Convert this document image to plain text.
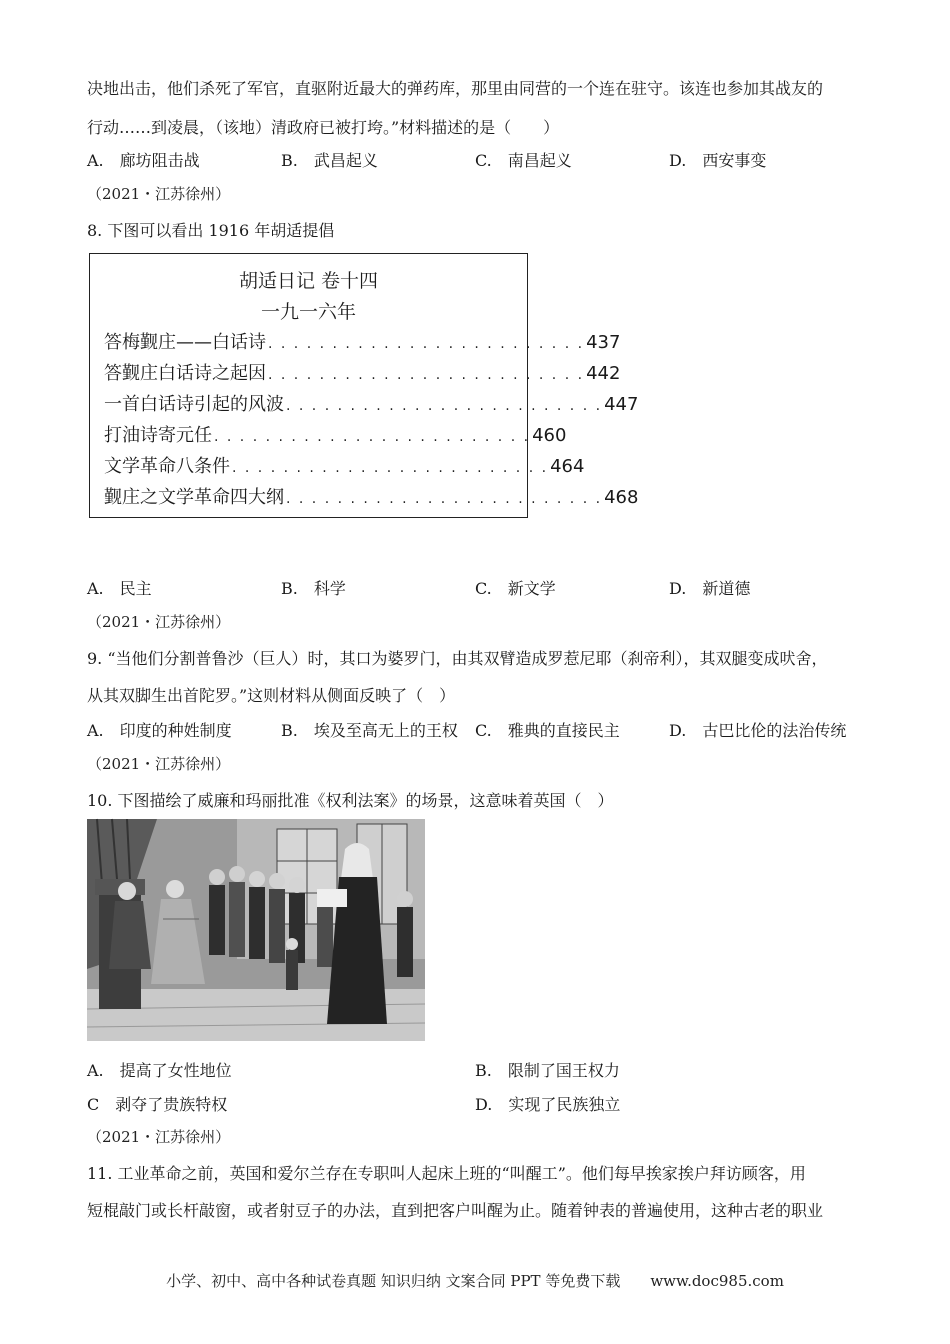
决地出击，他们杀死了军官，直驱附近最大的弹药库，那里由同营的一个连在驻守。该连也参加其战友的
行动……到凌晨，（该地）清政府已被打垮。”材料描述的是（　　）
A.　廊坊阻击战	B.　武昌起义	C.　南昌起义	D.　西安事变
（2021・江苏徐州）
8. 下图可以看出 1916 年胡适提倡
胡适日记 卷十四
一九一六年
答梅觐庄——白话诗 . . . . . . . . . . . . . . . . . . . . . . . . . 437
答觐庄白话诗之起因 . . . . . . . . . . . . . . . . . . . . . . . . . 442
一首白话诗引起的风波 . . . . . . . . . . . . . . . . . . . . . . . . . 447
打油诗寄元任 . . . . . . . . . . . . . . . . . . . . . . . . . 460
文学革命八条件 . . . . . . . . . . . . . . . . . . . . . . . . . 464
觐庄之文学革命四大纲 . . . . . . . . . . . . . . . . . . . . . . . . . 468
A.　民主	B.　科学	C.　新文学	D.　新道德
（2021・江苏徐州）
9. “当他们分割普鲁沙（巨人）时，其口为婆罗门，由其双臂造成罗惹尼耶（刹帝利），其双腿变成吠舍，
从其双脚生出首陀罗。”这则材料从侧面反映了（　）
A.　印度的种姓制度	B.　埃及至高无上的王权 C.　雅典的直接民主	D.　古巴比伦的法治传统
（2021・江苏徐州）
10. 下图描绘了威廉和玛丽批准《权利法案》的场景，这意味着英国（　）
A.　提高了女性地位	B.　限制了国王权力
C　剥夺了贵族特权	D.　实现了民族独立
（2021・江苏徐州）
11. 工业革命之前，英国和爱尔兰存在专职叫人起床上班的“叫醒工”。他们每早挨家挨户拜访顾客，用
短棍敲门或长杆敲窗，或者射豆子的办法，直到把客户叫醒为止。随着钟表的普遍使用，这种古老的职业
小学、初中、高中各种试卷真题 知识归纳 文案合同 PPT 等免费下载　　www.doc985.com
